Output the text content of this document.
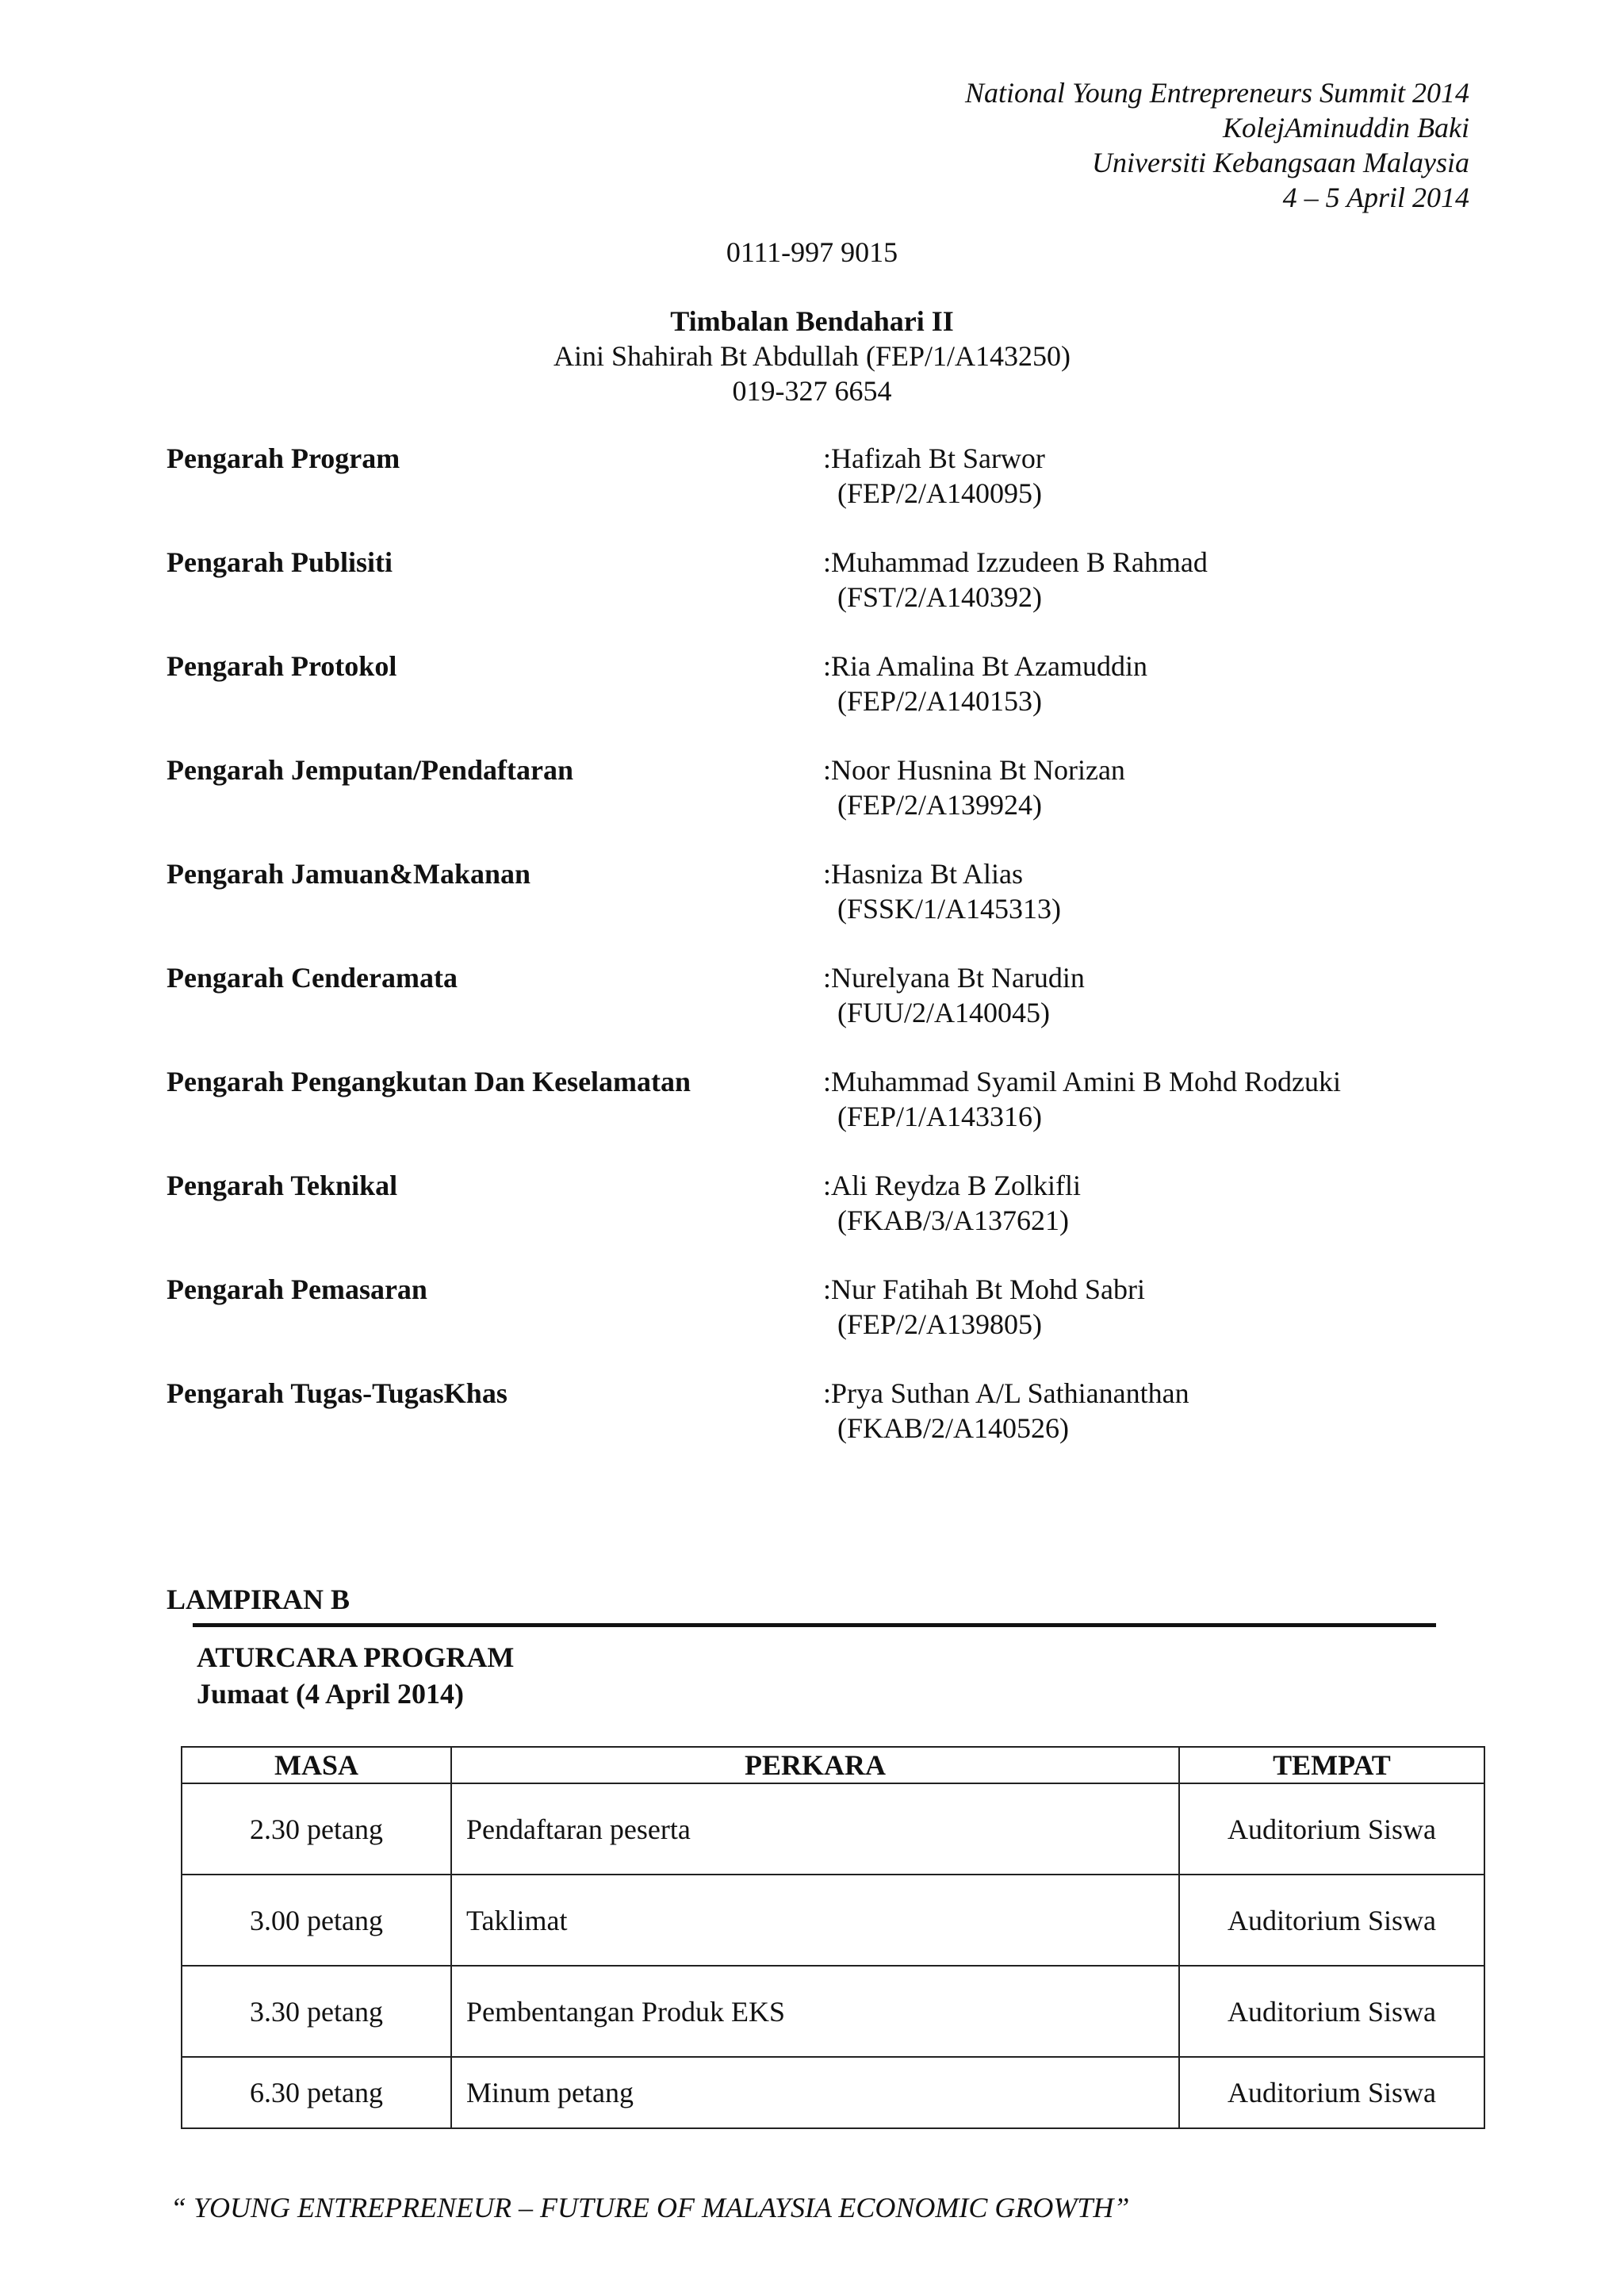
National Young Entrepreneurs Summit 2014
KolejAminuddin Baki
Universiti Kebangsaan Malaysia
4 – 5 April 2014
0111-997 9015
Timbalan Bendahari II
Aini Shahirah Bt Abdullah (FEP/1/A143250)
019-327 6654
Pengarah Program	:Hafizah Bt Sarwor
(FEP/2/A140095)
Pengarah Publisiti	:Muhammad Izzudeen B Rahmad
(FST/2/A140392)
Pengarah Protokol	:Ria Amalina Bt Azamuddin
(FEP/2/A140153)
Pengarah Jemputan/Pendaftaran	:Noor Husnina Bt Norizan
(FEP/2/A139924)
Pengarah Jamuan&Makanan	:Hasniza Bt Alias
(FSSK/1/A145313)
Pengarah Cenderamata	:Nurelyana Bt Narudin
(FUU/2/A140045)
Pengarah Pengangkutan Dan Keselamatan	:Muhammad Syamil Amini B Mohd Rodzuki
(FEP/1/A143316)
Pengarah Teknikal	:Ali Reydza B Zolkifli
(FKAB/3/A137621)
Pengarah Pemasaran	:Nur Fatihah Bt Mohd Sabri
(FEP/2/A139805)
Pengarah Tugas-TugasKhas	:Prya Suthan A/L Sathiananthan
(FKAB/2/A140526)
LAMPIRAN B
ATURCARA PROGRAM
Jumaat (4 April 2014)
MASA	PERKARA	TEMPAT
2.30 petang	Pendaftaran peserta	Auditorium Siswa
3.00 petang	Taklimat	Auditorium Siswa
3.30 petang	Pembentangan Produk EKS	Auditorium Siswa
6.30 petang	Minum petang	Auditorium Siswa
“ YOUNG ENTREPRENEUR – FUTURE OF MALAYSIA ECONOMIC GROWTH”
